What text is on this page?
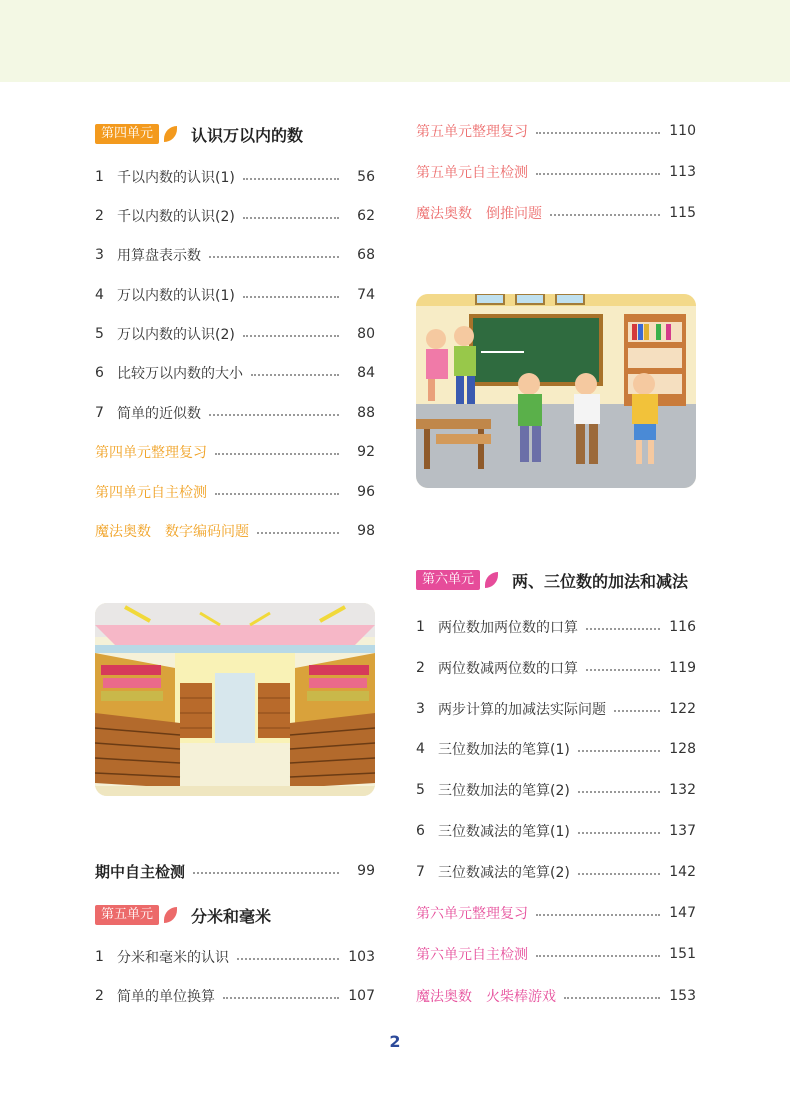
第四单元	认识万以内的数
1 千以内数的认识(1)	56
2 千以内数的认识(2)	62
3 用算盘表示数	68
4 万以内数的认识(1)	74
5 万以内数的认识(2)	80
6 比较万以内数的大小	84
7 简单的近似数	88
第四单元整理复习	92
第四单元自主检测	96
魔法奥数　数字编码问题	98
期中自主检测	99
第五单元	分米和毫米
1 分米和毫米的认识	103
2 简单的单位换算	107
第五单元整理复习	110
第五单元自主检测	113
魔法奥数　倒推问题	115
第六单元	两、三位数的加法和减法
1 两位数加两位数的口算	116
2 两位数减两位数的口算	119
3 两步计算的加减法实际问题	122
4 三位数加法的笔算(1)	128
5 三位数加法的笔算(2)	132
6 三位数减法的笔算(1)	137
7 三位数减法的笔算(2)	142
第六单元整理复习	147
第六单元自主检测	151
魔法奥数　火柴棒游戏	153
2
